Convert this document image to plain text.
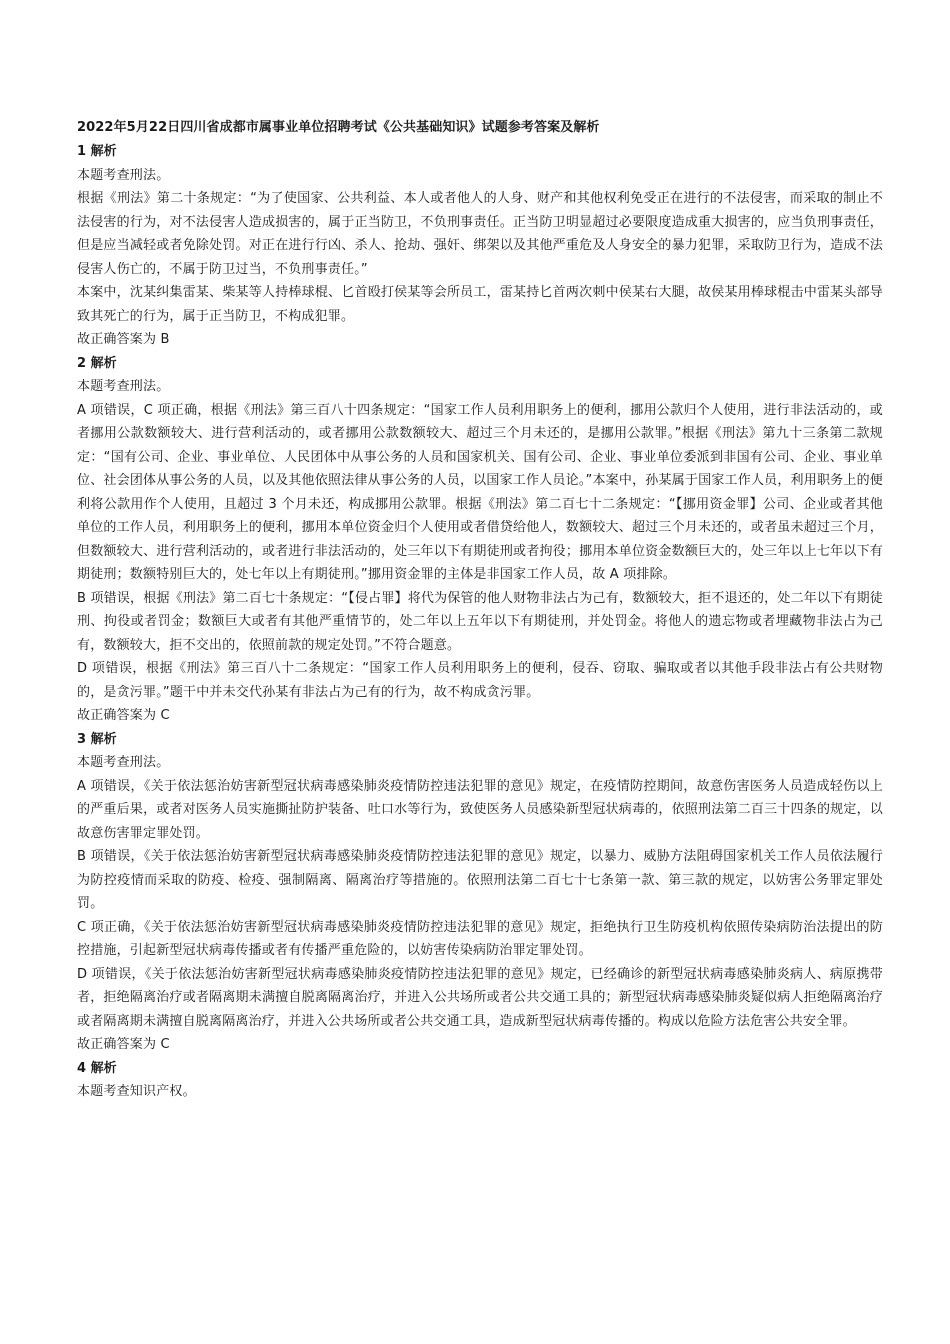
2022年5月22日四川省成都市属事业单位招聘考试《公共基础知识》试题参考答案及解析

1 解析

本题考查刑法。

根据《刑法》第二十条规定：“为了使国家、公共利益、本人或者他人的人身、财产和其他权利免受正在进行的不法侵害，而采取的制止不法侵害的行为，对不法侵害人造成损害的，属于正当防卫，不负刑事责任。正当防卫明显超过必要限度造成重大损害的，应当负刑事责任，但是应当减轻或者免除处罚。对正在进行行凶、杀人、抢劫、强奸、绑架以及其他严重危及人身安全的暴力犯罪，采取防卫行为，造成不法侵害人伤亡的，不属于防卫过当，不负刑事责任。”

本案中，沈某纠集雷某、柴某等人持棒球棍、匕首殴打侯某等会所员工，雷某持匕首两次刺中侯某右大腿，故侯某用棒球棍击中雷某头部导致其死亡的行为，属于正当防卫，不构成犯罪。

故正确答案为 B

2 解析

本题考查刑法。

A 项错误，C 项正确，根据《刑法》第三百八十四条规定：“国家工作人员利用职务上的便利，挪用公款归个人使用，进行非法活动的，或者挪用公款数额较大、进行营利活动的，或者挪用公款数额较大、超过三个月未还的，是挪用公款罪。”根据《刑法》第九十三条第二款规定：“国有公司、企业、事业单位、人民团体中从事公务的人员和国家机关、国有公司、企业、事业单位委派到非国有公司、企业、事业单位、社会团体从事公务的人员，以及其他依照法律从事公务的人员，以国家工作人员论。”本案中，孙某属于国家工作人员，利用职务上的便利将公款用作个人使用，且超过 3 个月未还，构成挪用公款罪。根据《刑法》第二百七十二条规定：“【挪用资金罪】公司、企业或者其他单位的工作人员，利用职务上的便利，挪用本单位资金归个人使用或者借贷给他人，数额较大、超过三个月未还的，或者虽未超过三个月，但数额较大、进行营利活动的，或者进行非法活动的，处三年以下有期徒刑或者拘役；挪用本单位资金数额巨大的，处三年以上七年以下有期徒刑；数额特别巨大的，处七年以上有期徒刑。”挪用资金罪的主体是非国家工作人员，故 A 项排除。

B 项错误，根据《刑法》第二百七十条规定：“【侵占罪】将代为保管的他人财物非法占为己有，数额较大，拒不退还的，处二年以下有期徒刑、拘役或者罚金；数额巨大或者有其他严重情节的，处二年以上五年以下有期徒刑，并处罚金。将他人的遗忘物或者埋藏物非法占为己有，数额较大，拒不交出的，依照前款的规定处罚。”不符合题意。

D 项错误，根据《刑法》第三百八十二条规定：“国家工作人员利用职务上的便利，侵吞、窃取、骗取或者以其他手段非法占有公共财物的，是贪污罪。”题干中并未交代孙某有非法占为己有的行为，故不构成贪污罪。

故正确答案为 C

3 解析

本题考查刑法。

A 项错误，《关于依法惩治妨害新型冠状病毒感染肺炎疫情防控违法犯罪的意见》规定，在疫情防控期间，故意伤害医务人员造成轻伤以上的严重后果，或者对医务人员实施撕扯防护装备、吐口水等行为，致使医务人员感染新型冠状病毒的，依照刑法第二百三十四条的规定，以故意伤害罪定罪处罚。

B 项错误，《关于依法惩治妨害新型冠状病毒感染肺炎疫情防控违法犯罪的意见》规定，以暴力、威胁方法阻碍国家机关工作人员依法履行为防控疫情而采取的防疫、检疫、强制隔离、隔离治疗等措施的。依照刑法第二百七十七条第一款、第三款的规定，以妨害公务罪定罪处罚。

C 项正确，《关于依法惩治妨害新型冠状病毒感染肺炎疫情防控违法犯罪的意见》规定，拒绝执行卫生防疫机构依照传染病防治法提出的防控措施，引起新型冠状病毒传播或者有传播严重危险的，以妨害传染病防治罪定罪处罚。

D 项错误，《关于依法惩治妨害新型冠状病毒感染肺炎疫情防控违法犯罪的意见》规定，已经确诊的新型冠状病毒感染肺炎病人、病原携带者，拒绝隔离治疗或者隔离期未满擅自脱离隔离治疗，并进入公共场所或者公共交通工具的；新型冠状病毒感染肺炎疑似病人拒绝隔离治疗或者隔离期未满擅自脱离隔离治疗，并进入公共场所或者公共交通工具，造成新型冠状病毒传播的。构成以危险方法危害公共安全罪。

故正确答案为 C

4 解析

本题考查知识产权。
